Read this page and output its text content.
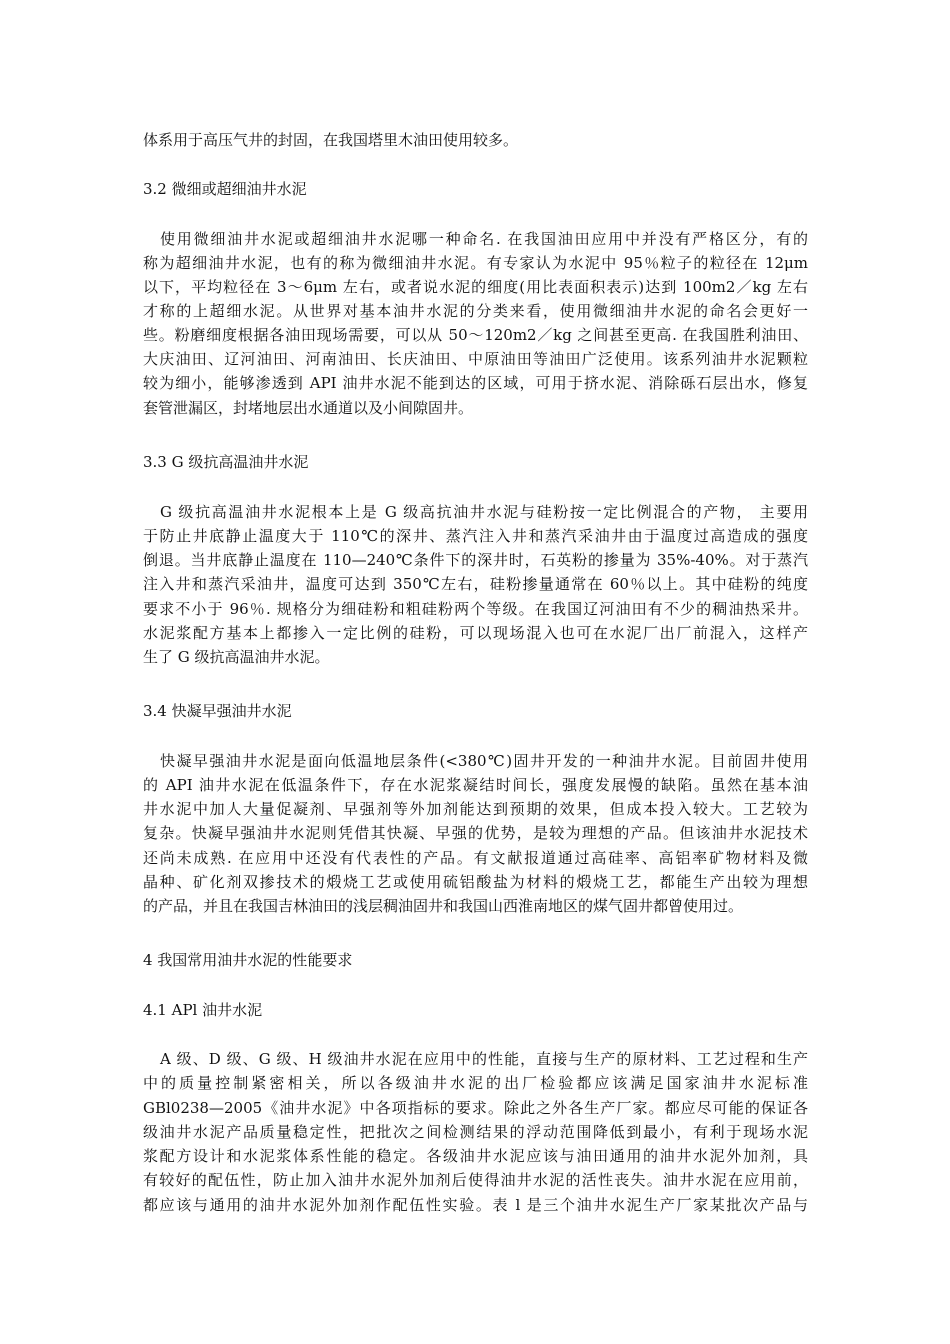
体系用于高压气井的封固，在我国塔里木油田使用较多。
3.2 微细或超细油井水泥
使用微细油井水泥或超细油井水泥哪一种命名. 在我国油田应用中并没有严格区分，有的
称为超细油井水泥，也有的称为微细油井水泥。有专家认为水泥中 95％粒子的粒径在 12μm
以下，平均粒径在 3～6μm 左右，或者说水泥的细度(用比表面积表示)达到 100m2／kg 左右
才称的上超细水泥。从世界对基本油井水泥的分类来看，使用微细油井水泥的命名会更好一
些。粉磨细度根据各油田现场需要，可以从 50～120m2／kg 之间甚至更高. 在我国胜利油田、
大庆油田、辽河油田、河南油田、长庆油田、中原油田等油田广泛使用。该系列油井水泥颗粒
较为细小，能够渗透到 API 油井水泥不能到达的区域，可用于挤水泥、消除砾石层出水，修复
套管泄漏区，封堵地层出水通道以及小间隙固井。
3.3 G 级抗高温油井水泥
G 级抗高温油井水泥根本上是 G 级高抗油井水泥与硅粉按一定比例混合的产物， 主要用
于防止井底静止温度大于 110℃的深井、蒸汽注入井和蒸汽采油井由于温度过高造成的强度
倒退。当井底静止温度在 110—240℃条件下的深井时，石英粉的掺量为 35%-40%。对于蒸汽
注入井和蒸汽采油井，温度可达到 350℃左右，硅粉掺量通常在 60％以上。其中硅粉的纯度
要求不小于 96％. 规格分为细硅粉和粗硅粉两个等级。在我国辽河油田有不少的稠油热采井。
水泥浆配方基本上都掺入一定比例的硅粉，可以现场混入也可在水泥厂出厂前混入，这样产
生了 G 级抗高温油井水泥。
3.4 快凝早强油井水泥
快凝早强油井水泥是面向低温地层条件(<380℃)固井开发的一种油井水泥。目前固井使用
的 API 油井水泥在低温条件下，存在水泥浆凝结时间长，强度发展慢的缺陷。虽然在基本油
井水泥中加人大量促凝剂、早强剂等外加剂能达到预期的效果，但成本投入较大。工艺较为
复杂。快凝早强油井水泥则凭借其快凝、早强的优势，是较为理想的产品。但该油井水泥技术
还尚未成熟. 在应用中还没有代表性的产品。有文献报道通过高硅率、高铝率矿物材料及微
晶种、矿化剂双掺技术的煅烧工艺或使用硫铝酸盐为材料的煅烧工艺，都能生产出较为理想
的产品，并且在我国吉林油田的浅层稠油固井和我国山西淮南地区的煤气固井都曾使用过。
4 我国常用油井水泥的性能要求
4.1 APl 油井水泥
A 级、D 级、G 级、H 级油井水泥在应用中的性能，直接与生产的原材料、工艺过程和生产
中的质量控制紧密相关，所以各级油井水泥的出厂检验都应该满足国家油井水泥标准
GBl0238—2005《油井水泥》中各项指标的要求。除此之外各生产厂家。都应尽可能的保证各
级油井水泥产品质量稳定性，把批次之间检测结果的浮动范围降低到最小，有利于现场水泥
浆配方设计和水泥浆体系性能的稳定。各级油井水泥应该与油田通用的油井水泥外加剂，具
有较好的配伍性，防止加入油井水泥外加剂后使得油井水泥的活性丧失。油井水泥在应用前，
都应该与通用的油井水泥外加剂作配伍性实验。表 l 是三个油井水泥生产厂家某批次产品与
